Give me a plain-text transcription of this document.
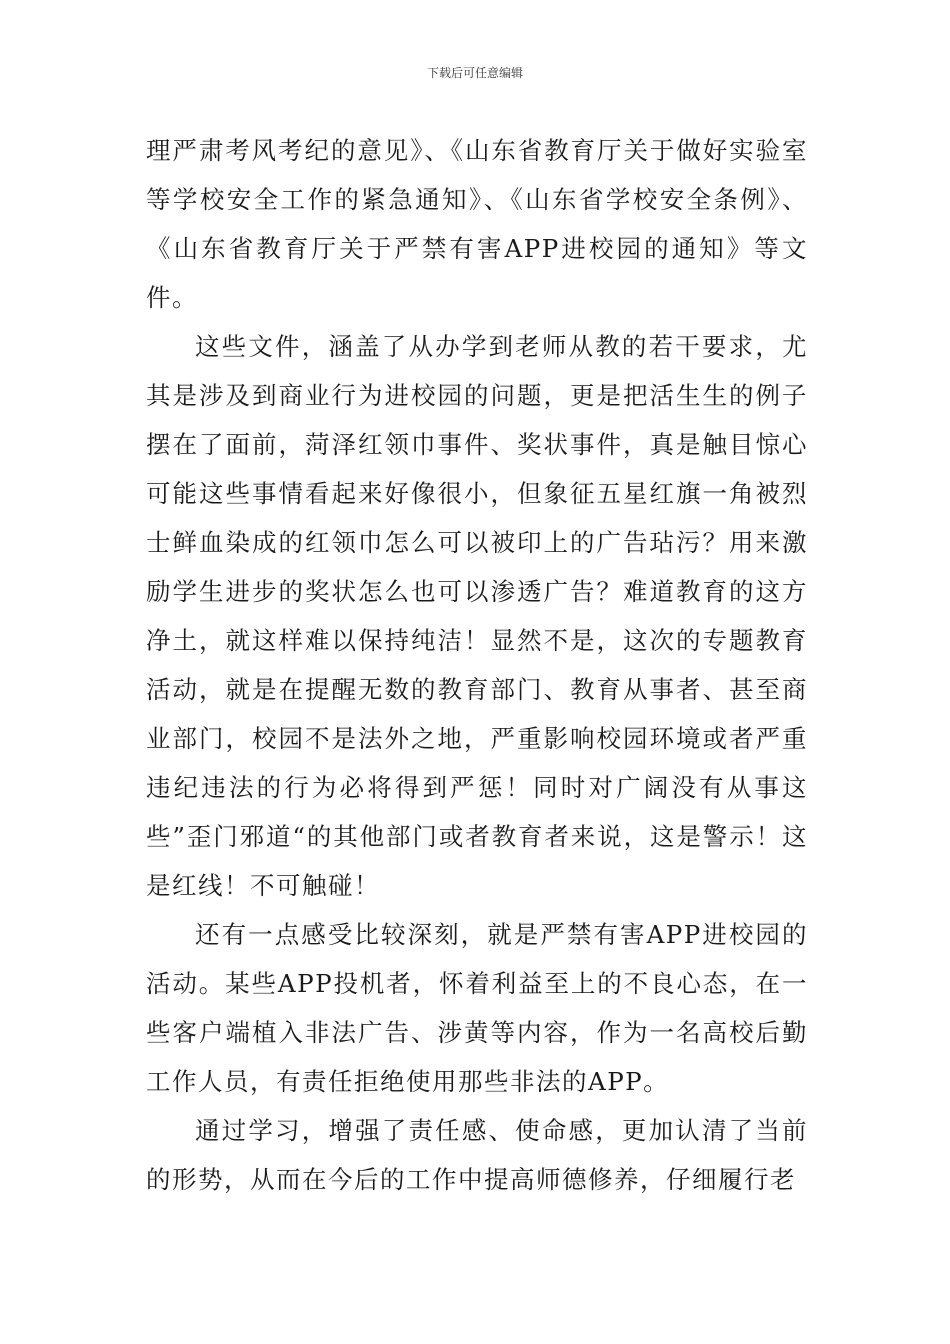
下载后可任意编辑

理严肃考风考纪的意见》、《山东省教育厅关于做好实验室等学校安全工作的紧急通知》、《山东省学校安全条例》、《山东省教育厅关于严禁有害APP进校园的通知》等文件。

这些文件，涵盖了从办学到老师从教的若干要求，尤其是涉及到商业行为进校园的问题，更是把活生生的例子摆在了面前，菏泽红领巾事件、奖状事件，真是触目惊心可能这些事情看起来好像很小，但象征五星红旗一角被烈士鲜血染成的红领巾怎么可以被印上的广告玷污？用来激励学生进步的奖状怎么也可以渗透广告？难道教育的这方净土，就这样难以保持纯洁！显然不是，这次的专题教育活动，就是在提醒无数的教育部门、教育从事者、甚至商业部门，校园不是法外之地，严重影响校园环境或者严重违纪违法的行为必将得到严惩！同时对广阔没有从事这些”歪门邪道“的其他部门或者教育者来说，这是警示！这是红线！不可触碰！

还有一点感受比较深刻，就是严禁有害APP进校园的活动。某些APP投机者，怀着利益至上的不良心态，在一些客户端植入非法广告、涉黄等内容，作为一名高校后勤工作人员，有责任拒绝使用那些非法的APP。

通过学习，增强了责任感、使命感，更加认清了当前的形势，从而在今后的工作中提高师德修养，仔细履行老
